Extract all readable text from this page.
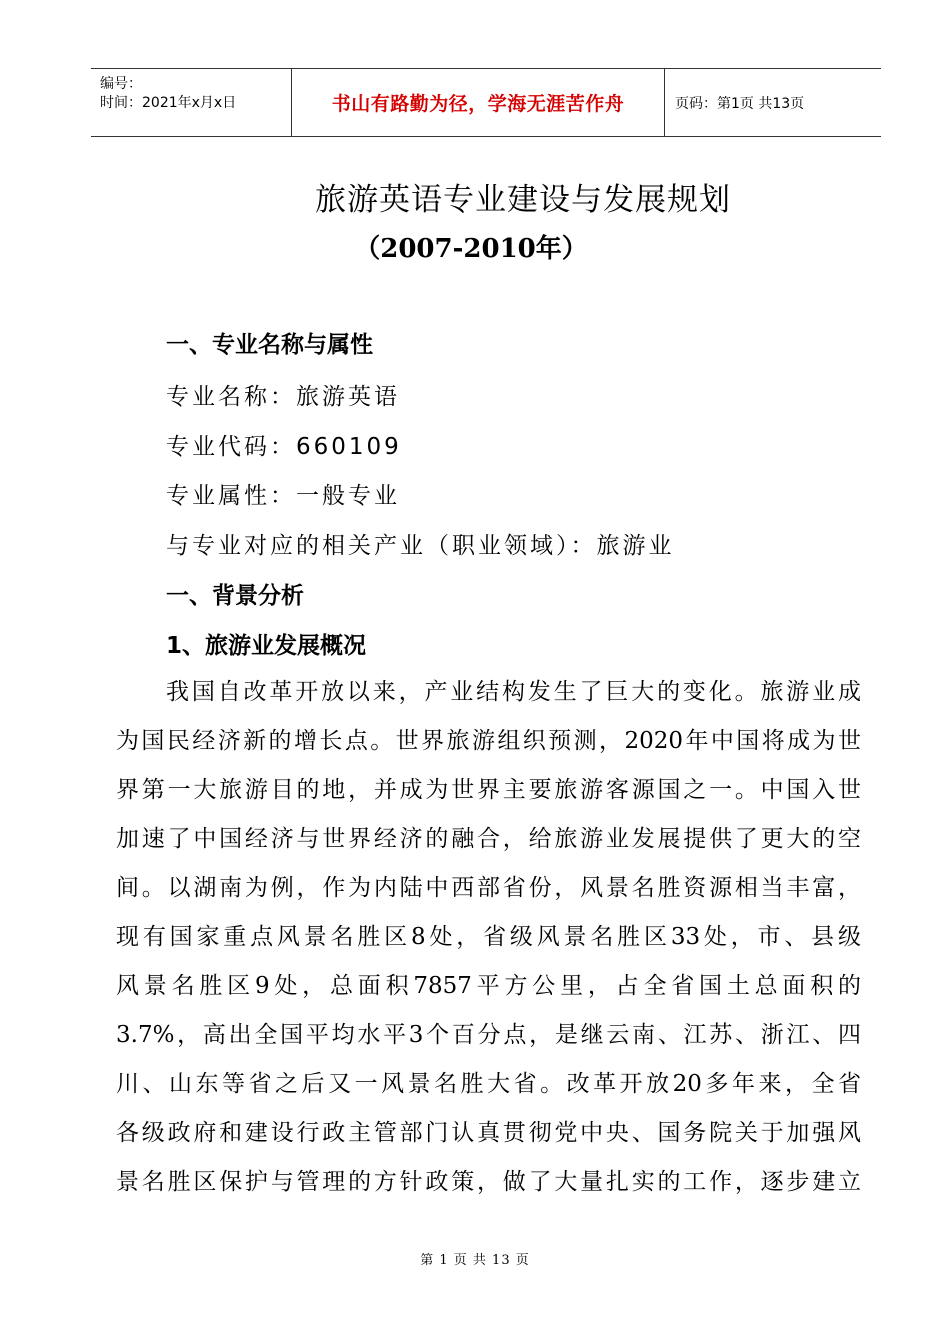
编号：
时间：2021年x月x日	书山有路勤为径，学海无涯苦作舟	页码：第1页 共13页
旅游英语专业建设与发展规划
（2007-2010年）
一、专业名称与属性
专业名称：旅游英语
专业代码：660109
专业属性：一般专业
与专业对应的相关产业（职业领域）：旅游业
一、背景分析
1、旅游业发展概况
我国自改革开放以来，产业结构发生了巨大的变化。旅游业成
为国民经济新的增长点。世界旅游组织预测，2020年中国将成为世
界第一大旅游目的地，并成为世界主要旅游客源国之一。中国入世
加速了中国经济与世界经济的融合，给旅游业发展提供了更大的空
间。以湖南为例，作为内陆中西部省份，风景名胜资源相当丰富，
现有国家重点风景名胜区8处，省级风景名胜区33处，市、县级
风景名胜区9处，总面积7857平方公里，占全省国土总面积的
3.7%，高出全国平均水平3个百分点，是继云南、江苏、浙江、四
川、山东等省之后又一风景名胜大省。改革开放20多年来，全省
各级政府和建设行政主管部门认真贯彻党中央、国务院关于加强风
景名胜区保护与管理的方针政策，做了大量扎实的工作，逐步建立
第 1 页 共 13 页
